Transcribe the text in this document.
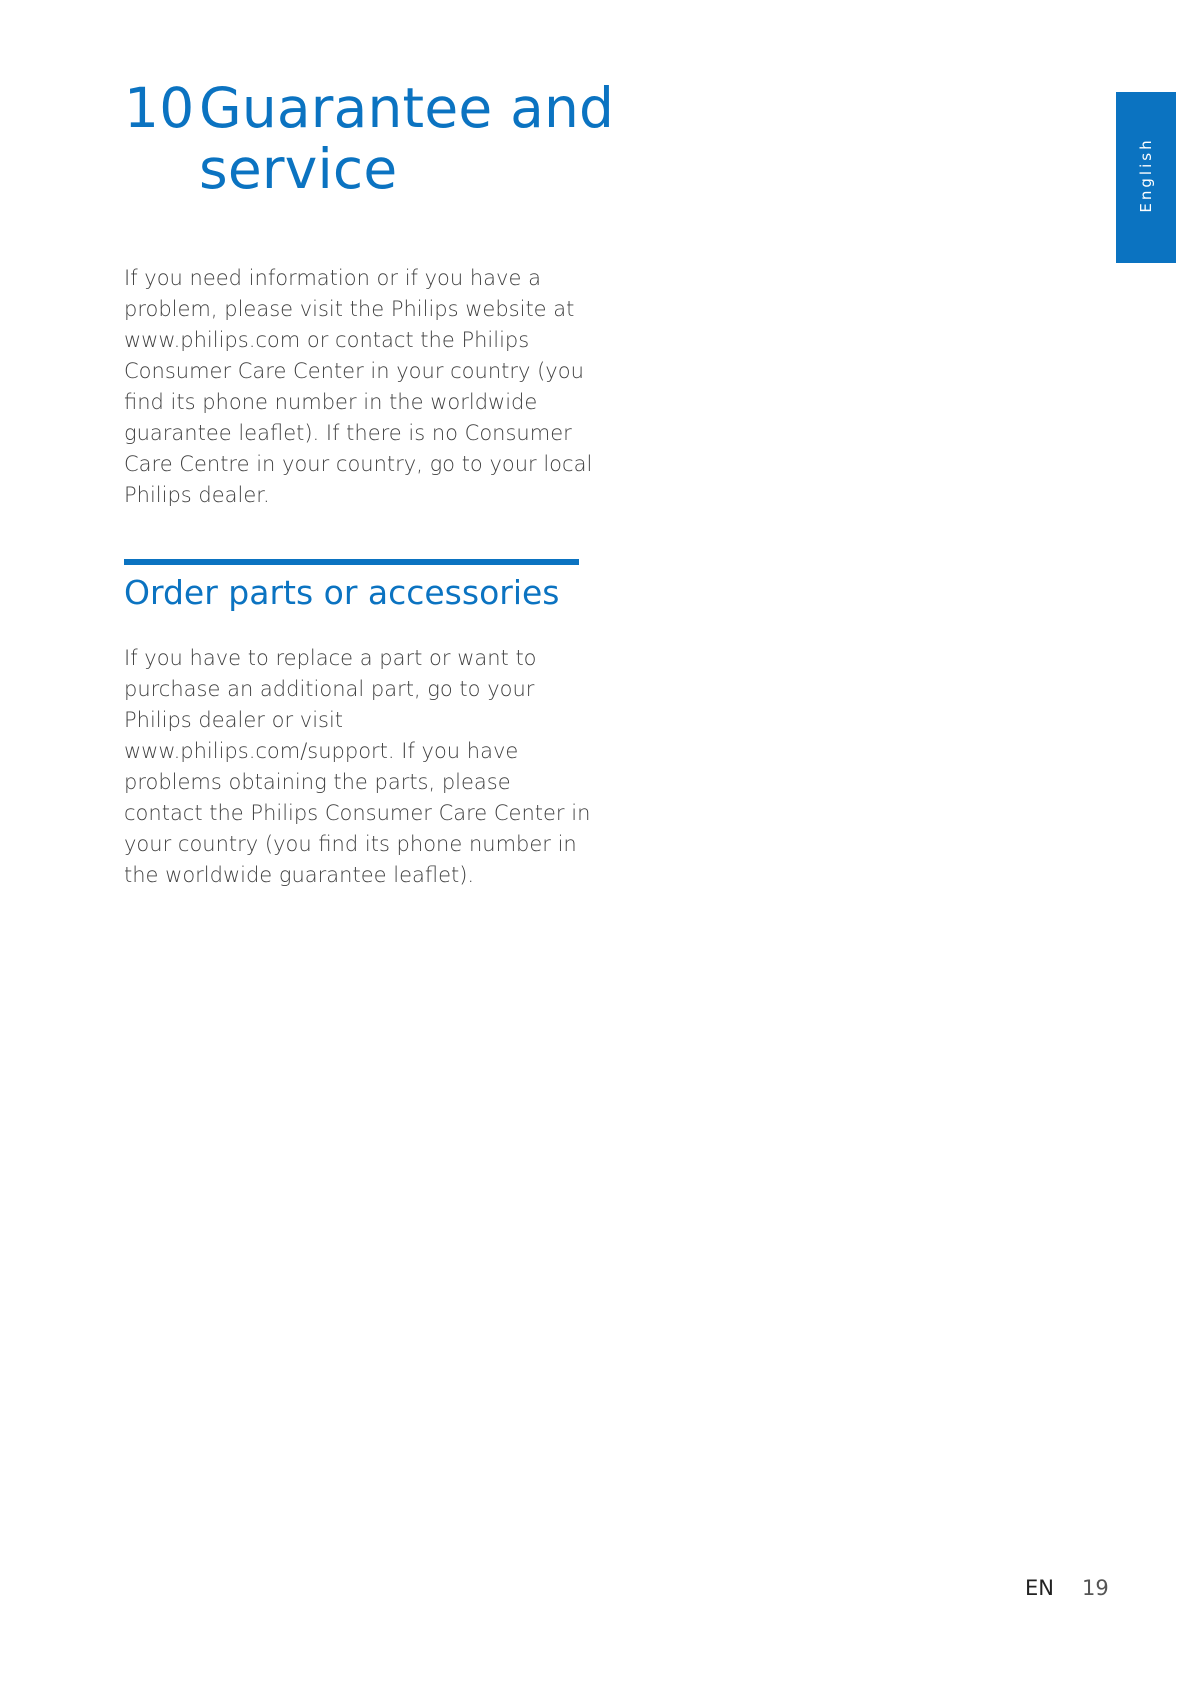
10 Guarantee and service	English

If you need information or if you have a problem, please visit the Philips website at www.philips.com or contact the Philips Consumer Care Center in your country (you find its phone number in the worldwide guarantee leaflet). If there is no Consumer Care Centre in your country, go to your local Philips dealer.

Order parts or accessories

If you have to replace a part or want to purchase an additional part, go to your Philips dealer or visit www.philips.com/support. If you have problems obtaining the parts, please contact the Philips Consumer Care Center in your country (you find its phone number in the worldwide guarantee leaflet).

EN 19
